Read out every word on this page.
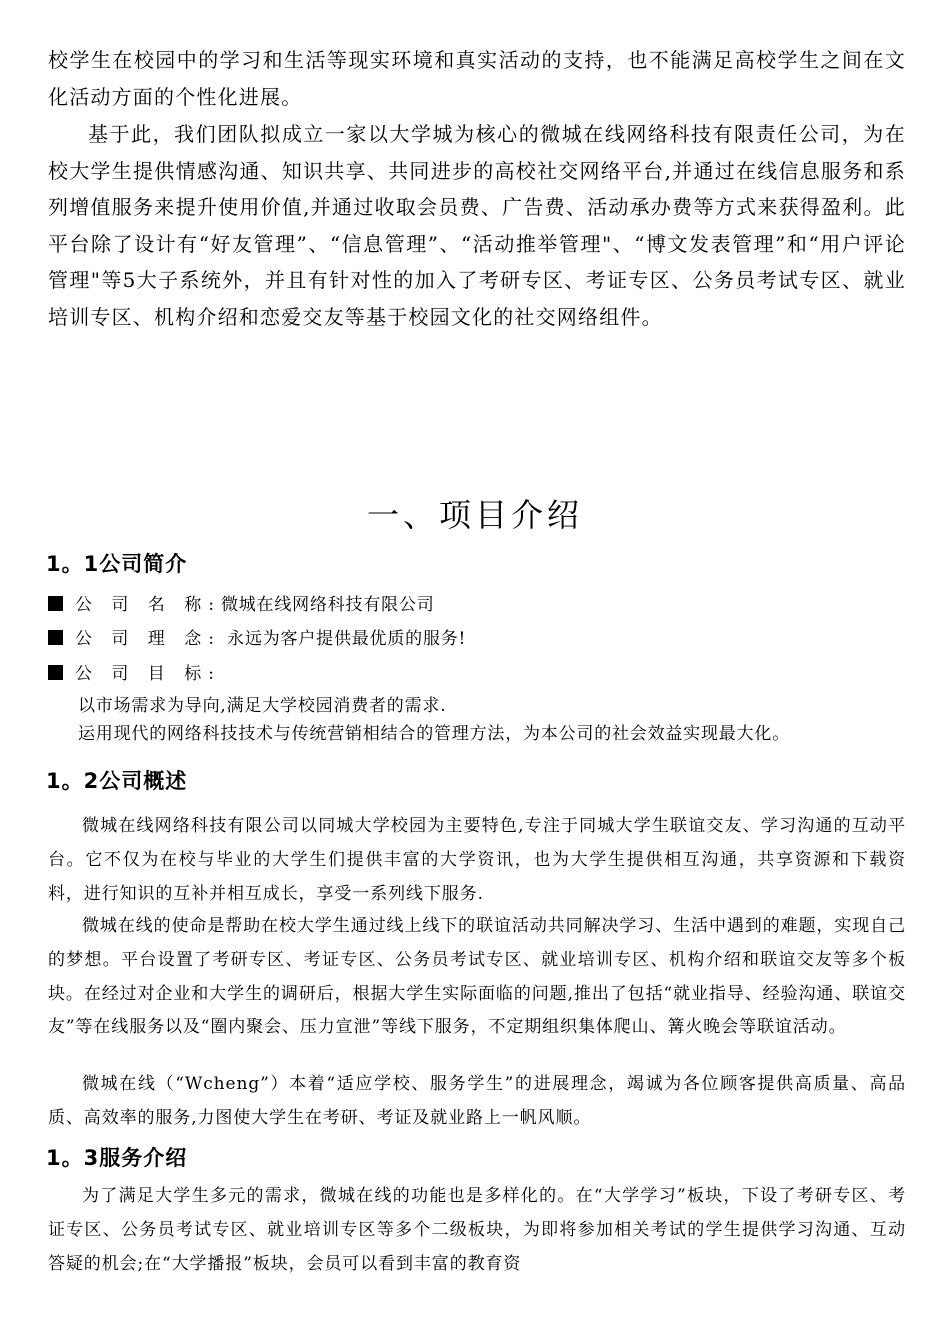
校学生在校园中的学习和生活等现实环境和真实活动的支持，也不能满足高校学生之间在文化活动方面的个性化进展。

基于此，我们团队拟成立一家以大学城为核心的微城在线网络科技有限责任公司，为在校大学生提供情感沟通、知识共享、共同进步的高校社交网络平台,并通过在线信息服务和系列增值服务来提升使用价值,并通过收取会员费、广告费、活动承办费等方式来获得盈利。此平台除了设计有“好友管理”、“信息管理”、“活动推举管理"、“博文发表管理”和“用户评论管理"等5大子系统外，并且有针对性的加入了考研专区、考证专区、公务员考试专区、就业培训专区、机构介绍和恋爱交友等基于校园文化的社交网络组件。

一、项目介绍
1。1公司简介
公 司 名 称:微城在线网络科技有限公司
公 司 理 念: 永远为客户提供最优质的服务!
公 司 目 标:
以市场需求为导向,满足大学校园消费者的需求.
运用现代的网络科技技术与传统营销相结合的管理方法，为本公司的社会效益实现最大化。
1。2公司概述

微城在线网络科技有限公司以同城大学校园为主要特色,专注于同城大学生联谊交友、学习沟通的互动平台。它不仅为在校与毕业的大学生们提供丰富的大学资讯，也为大学生提供相互沟通，共享资源和下载资料，进行知识的互补并相互成长，享受一系列线下服务.

微城在线的使命是帮助在校大学生通过线上线下的联谊活动共同解决学习、生活中遇到的难题，实现自己的梦想。平台设置了考研专区、考证专区、公务员考试专区、就业培训专区、机构介绍和联谊交友等多个板块。在经过对企业和大学生的调研后，根据大学生实际面临的问题,推出了包括“就业指导、经验沟通、联谊交友”等在线服务以及“圈内聚会、压力宣泄”等线下服务，不定期组织集体爬山、篝火晚会等联谊活动。

微城在线（“Wcheng”）本着“适应学校、服务学生”的进展理念，竭诚为各位顾客提供高质量、高品质、高效率的服务,力图使大学生在考研、考证及就业路上一帆风顺。

1。3服务介绍

为了满足大学生多元的需求，微城在线的功能也是多样化的。在“大学学习”板块，下设了考研专区、考证专区、公务员考试专区、就业培训专区等多个二级板块，为即将参加相关考试的学生提供学习沟通、互动答疑的机会;在“大学播报”板块，会员可以看到丰富的教育资
